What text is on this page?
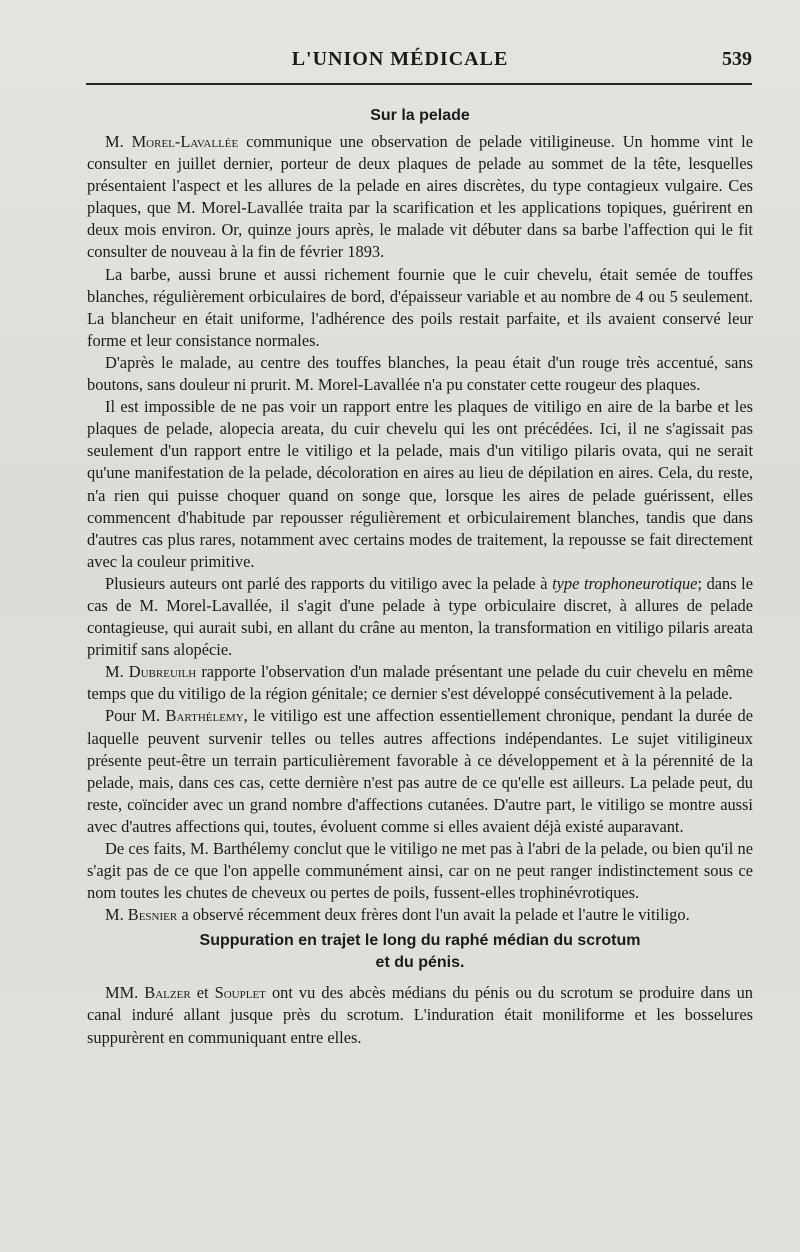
L'UNION MÉDICALE	539
Sur la pelade

M. Morel-Lavallée communique une observation de pelade vitiligineuse. Un homme vint le consulter en juillet dernier, porteur de deux plaques de pelade au sommet de la tête, lesquelles présentaient l'aspect et les allures de la pelade en aires discrètes, du type contagieux vulgaire. Ces plaques, que M. Morel-Lavallée traita par la scarification et les applications topiques, guérirent en deux mois environ. Or, quinze jours après, le malade vit débuter dans sa barbe l'affection qui le fit consulter de nouveau à la fin de février 1893.

La barbe, aussi brune et aussi richement fournie que le cuir chevelu, était semée de touffes blanches, régulièrement orbiculaires de bord, d'épaisseur variable et au nombre de 4 ou 5 seulement. La blancheur en était uniforme, l'adhérence des poils restait parfaite, et ils avaient conservé leur forme et leur consistance normales.

D'après le malade, au centre des touffes blanches, la peau était d'un rouge très accentué, sans boutons, sans douleur ni prurit. M. Morel-Lavallée n'a pu constater cette rougeur des plaques.

Il est impossible de ne pas voir un rapport entre les plaques de vitiligo en aire de la barbe et les plaques de pelade, alopecia areata, du cuir chevelu qui les ont précédées. Ici, il ne s'agissait pas seulement d'un rapport entre le vitiligo et la pelade, mais d'un vitiligo pilaris ovata, qui ne serait qu'une manifestation de la pelade, décoloration en aires au lieu de dépilation en aires. Cela, du reste, n'a rien qui puisse choquer quand on songe que, lorsque les aires de pelade guérissent, elles commencent d'habitude par repousser régulièrement et orbiculairement blanches, tandis que dans d'autres cas plus rares, notamment avec certains modes de traitement, la repousse se fait directement avec la couleur primitive.

Plusieurs auteurs ont parlé des rapports du vitiligo avec la pelade à type trophoneurotique; dans le cas de M. Morel-Lavallée, il s'agit d'une pelade à type orbiculaire discret, à allures de pelade contagieuse, qui aurait subi, en allant du crâne au menton, la transformation en vitiligo pilaris areata primitif sans alopécie.

M. Dubreuilh rapporte l'observation d'un malade présentant une pelade du cuir chevelu en même temps que du vitiligo de la région génitale; ce dernier s'est développé consécutivement à la pelade.

Pour M. Barthélemy, le vitiligo est une affection essentiellement chronique, pendant la durée de laquelle peuvent survenir telles ou telles autres affections indépendantes. Le sujet vitiligineux présente peut-être un terrain particulièrement favorable à ce développement et à la pérennité de la pelade, mais, dans ces cas, cette dernière n'est pas autre de ce qu'elle est ailleurs. La pelade peut, du reste, coïncider avec un grand nombre d'affections cutanées. D'autre part, le vitiligo se montre aussi avec d'autres affections qui, toutes, évoluent comme si elles avaient déjà existé auparavant.

De ces faits, M. Barthélemy conclut que le vitiligo ne met pas à l'abri de la pelade, ou bien qu'il ne s'agit pas de ce que l'on appelle communément ainsi, car on ne peut ranger indistinctement sous ce nom toutes les chutes de cheveux ou pertes de poils, fussent-elles trophinévrotiques.

M. Besnier a observé récemment deux frères dont l'un avait la pelade et l'autre le vitiligo.

Suppuration en trajet le long du raphé médian du scrotum
et du pénis.

MM. Balzer et Souplet ont vu des abcès médians du pénis ou du scrotum se produire dans un canal induré allant jusque près du scrotum. L'induration était moniliforme et les bosselures suppurèrent en communiquant entre elles.
